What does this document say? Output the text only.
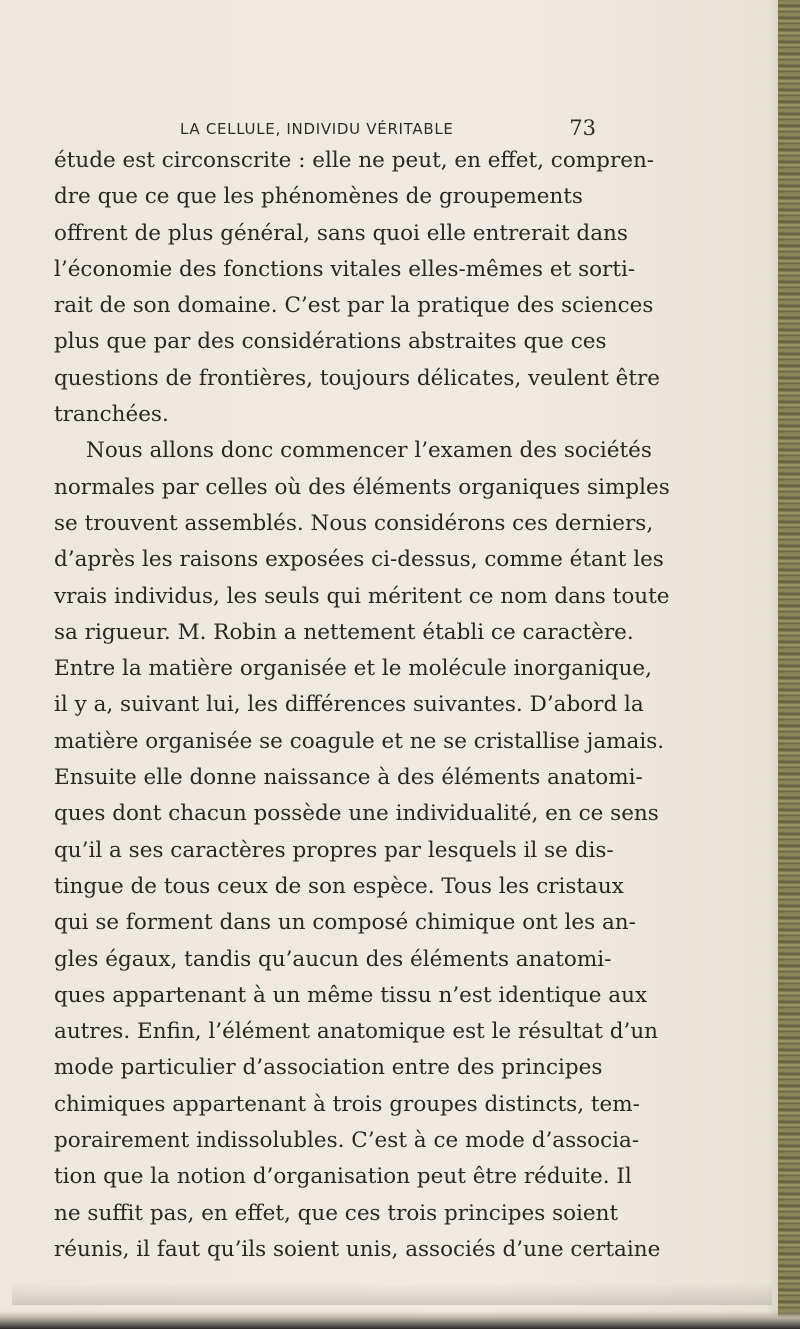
LA CELLULE, INDIVIDU VÉRITABLE	73
étude est circonscrite : elle ne peut, en effet, compren-
dre que ce que les phénomènes de groupements
offrent de plus général, sans quoi elle entrerait dans
l’économie des fonctions vitales elles-mêmes et sorti-
rait de son domaine. C’est par la pratique des sciences
plus que par des considérations abstraites que ces
questions de frontières, toujours délicates, veulent être
tranchées.
Nous allons donc commencer l’examen des sociétés
normales par celles où des éléments organiques simples
se trouvent assemblés. Nous considérons ces derniers,
d’après les raisons exposées ci-dessus, comme étant les
vrais individus, les seuls qui méritent ce nom dans toute
sa rigueur. M. Robin a nettement établi ce caractère.
Entre la matière organisée et le molécule inorganique,
il y a, suivant lui, les différences suivantes. D’abord la
matière organisée se coagule et ne se cristallise jamais.
Ensuite elle donne naissance à des éléments anatomi-
ques dont chacun possède une individualité, en ce sens
qu’il a ses caractères propres par lesquels il se dis-
tingue de tous ceux de son espèce. Tous les cristaux
qui se forment dans un composé chimique ont les an-
gles égaux, tandis qu’aucun des éléments anatomi-
ques appartenant à un même tissu n’est identique aux
autres. Enfin, l’élément anatomique est le résultat d’un
mode particulier d’association entre des principes
chimiques appartenant à trois groupes distincts, tem-
porairement indissolubles. C’est à ce mode d’associa-
tion que la notion d’organisation peut être réduite. Il
ne suffit pas, en effet, que ces trois principes soient
réunis, il faut qu’ils soient unis, associés d’une certaine
